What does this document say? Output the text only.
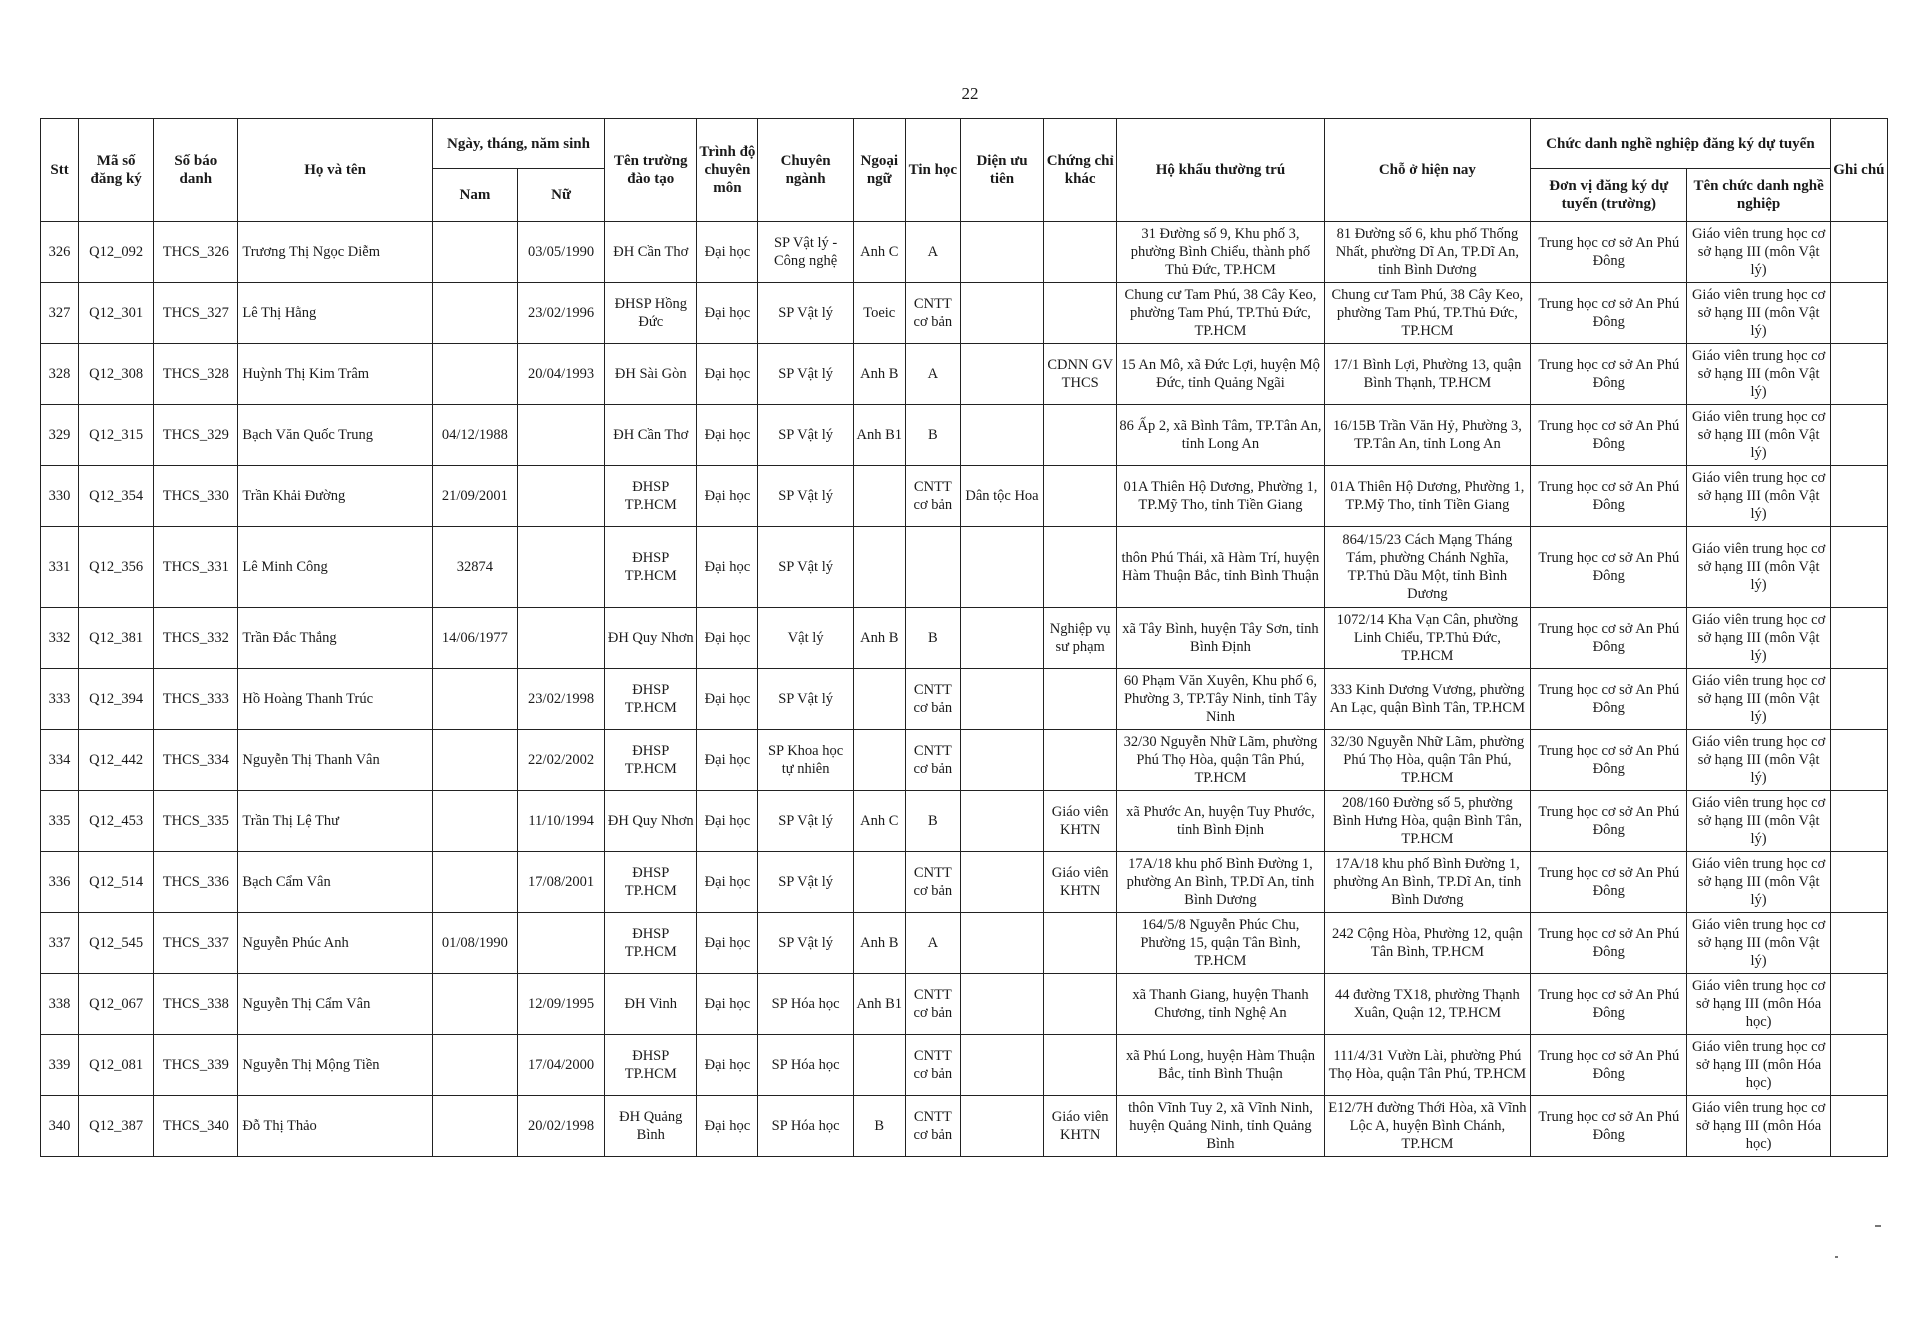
22
Stt	Mã số đăng ký	Số báo danh	Họ và tên	Ngày, tháng, năm sinh		Tên trường đào tạo	Trình độ chuyên môn	Chuyên ngành	Ngoại ngữ	Tin học	Diện ưu tiên	Chứng chỉ khác	Hộ khẩu thường trú	Chỗ ở hiện nay	Chức danh nghề nghiệp đăng ký dự tuyển		Ghi chú
				Nam	Nữ										Đơn vị đăng ký dự tuyển (trường)	Tên chức danh nghề nghiệp	
326	Q12_092	THCS_326	Trương Thị Ngọc Diễm		03/05/1990	ĐH Cần Thơ	Đại học	SP Vật lý - Công nghệ	Anh C	A			31 Đường số 9, Khu phố 3, phường Bình Chiểu, thành phố Thủ Đức, TP.HCM	81 Đường số 6, khu phố Thống Nhất, phường Dĩ An, TP.Dĩ An, tỉnh Bình Dương	Trung học cơ sở An Phú Đông	Giáo viên trung học cơ sở hạng III (môn Vật lý)	
327	Q12_301	THCS_327	Lê Thị Hằng		23/02/1996	ĐHSP Hồng Đức	Đại học	SP Vật lý	Toeic	CNTT cơ bản			Chung cư Tam Phú, 38 Cây Keo, phường Tam Phú, TP.Thủ Đức, TP.HCM	Chung cư Tam Phú, 38 Cây Keo, phường Tam Phú, TP.Thủ Đức, TP.HCM	Trung học cơ sở An Phú Đông	Giáo viên trung học cơ sở hạng III (môn Vật lý)	
328	Q12_308	THCS_328	Huỳnh Thị Kim Trâm		20/04/1993	ĐH Sài Gòn	Đại học	SP Vật lý	Anh B	A		CDNN GV THCS	15 An Mô, xã Đức Lợi, huyện Mộ Đức, tỉnh Quảng Ngãi	17/1 Bình Lợi, Phường 13, quận Bình Thạnh, TP.HCM	Trung học cơ sở An Phú Đông	Giáo viên trung học cơ sở hạng III (môn Vật lý)	
329	Q12_315	THCS_329	Bạch Văn Quốc Trung	04/12/1988		ĐH Cần Thơ	Đại học	SP Vật lý	Anh B1	B			86 Ấp 2, xã Bình Tâm, TP.Tân An, tỉnh Long An	16/15B Trần Văn Hỷ, Phường 3, TP.Tân An, tỉnh Long An	Trung học cơ sở An Phú Đông	Giáo viên trung học cơ sở hạng III (môn Vật lý)	
330	Q12_354	THCS_330	Trần Khải Đường	21/09/2001		ĐHSP TP.HCM	Đại học	SP Vật lý		CNTT cơ bản	Dân tộc Hoa		01A Thiên Hộ Dương, Phường 1, TP.Mỹ Tho, tỉnh Tiền Giang	01A Thiên Hộ Dương, Phường 1, TP.Mỹ Tho, tỉnh Tiền Giang	Trung học cơ sở An Phú Đông	Giáo viên trung học cơ sở hạng III (môn Vật lý)	
331	Q12_356	THCS_331	Lê Minh Công	32874		ĐHSP TP.HCM	Đại học	SP Vật lý					thôn Phú Thái, xã Hàm Trí, huyện Hàm Thuận Bắc, tỉnh Bình Thuận	864/15/23 Cách Mạng Tháng Tám, phường Chánh Nghĩa, TP.Thủ Dầu Một, tỉnh Bình Dương	Trung học cơ sở An Phú Đông	Giáo viên trung học cơ sở hạng III (môn Vật lý)	
332	Q12_381	THCS_332	Trần Đắc Thắng	14/06/1977		ĐH Quy Nhơn	Đại học	Vật lý	Anh B	B		Nghiệp vụ sư phạm	xã Tây Bình, huyện Tây Sơn, tỉnh Bình Định	1072/14 Kha Vạn Cân, phường Linh Chiểu, TP.Thủ Đức, TP.HCM	Trung học cơ sở An Phú Đông	Giáo viên trung học cơ sở hạng III (môn Vật lý)	
333	Q12_394	THCS_333	Hồ Hoàng Thanh Trúc		23/02/1998	ĐHSP TP.HCM	Đại học	SP Vật lý		CNTT cơ bản			60 Phạm Văn Xuyên, Khu phố 6, Phường 3, TP.Tây Ninh, tỉnh Tây Ninh	333 Kinh Dương Vương, phường An Lạc, quận Bình Tân, TP.HCM	Trung học cơ sở An Phú Đông	Giáo viên trung học cơ sở hạng III (môn Vật lý)	
334	Q12_442	THCS_334	Nguyễn Thị Thanh Vân		22/02/2002	ĐHSP TP.HCM	Đại học	SP Khoa học tự nhiên		CNTT cơ bản			32/30 Nguyễn Nhữ Lãm, phường Phú Thọ Hòa, quận Tân Phú, TP.HCM	32/30 Nguyễn Nhữ Lãm, phường Phú Thọ Hòa, quận Tân Phú, TP.HCM	Trung học cơ sở An Phú Đông	Giáo viên trung học cơ sở hạng III (môn Vật lý)	
335	Q12_453	THCS_335	Trần Thị Lệ Thư		11/10/1994	ĐH Quy Nhơn	Đại học	SP Vật lý	Anh C	B		Giáo viên KHTN	xã Phước An, huyện Tuy Phước, tỉnh Bình Định	208/160 Đường số 5, phường Bình Hưng Hòa, quận Bình Tân, TP.HCM	Trung học cơ sở An Phú Đông	Giáo viên trung học cơ sở hạng III (môn Vật lý)	
336	Q12_514	THCS_336	Bạch Cẩm Vân		17/08/2001	ĐHSP TP.HCM	Đại học	SP Vật lý		CNTT cơ bản		Giáo viên KHTN	17A/18 khu phố Bình Đường 1, phường An Bình, TP.Dĩ An, tỉnh Bình Dương	17A/18 khu phố Bình Đường 1, phường An Bình, TP.Dĩ An, tỉnh Bình Dương	Trung học cơ sở An Phú Đông	Giáo viên trung học cơ sở hạng III (môn Vật lý)	
337	Q12_545	THCS_337	Nguyễn Phúc Anh	01/08/1990		ĐHSP TP.HCM	Đại học	SP Vật lý	Anh B	A			164/5/8 Nguyễn Phúc Chu, Phường 15, quận Tân Bình, TP.HCM	242 Cộng Hòa, Phường 12, quận Tân Bình, TP.HCM	Trung học cơ sở An Phú Đông	Giáo viên trung học cơ sở hạng III (môn Vật lý)	
338	Q12_067	THCS_338	Nguyễn Thị Cẩm Vân		12/09/1995	ĐH Vinh	Đại học	SP Hóa học	Anh B1	CNTT cơ bản			xã Thanh Giang, huyện Thanh Chương, tỉnh Nghệ An	44 đường TX18, phường Thạnh Xuân, Quận 12, TP.HCM	Trung học cơ sở An Phú Đông	Giáo viên trung học cơ sở hạng III (môn Hóa học)	
339	Q12_081	THCS_339	Nguyễn Thị Mộng Tiền		17/04/2000	ĐHSP TP.HCM	Đại học	SP Hóa học		CNTT cơ bản			xã Phú Long, huyện Hàm Thuận Bắc, tỉnh Bình Thuận	111/4/31 Vườn Lài, phường Phú Thọ Hòa, quận Tân Phú, TP.HCM	Trung học cơ sở An Phú Đông	Giáo viên trung học cơ sở hạng III (môn Hóa học)	
340	Q12_387	THCS_340	Đỗ Thị Thảo		20/02/1998	ĐH Quảng Bình	Đại học	SP Hóa học	B	CNTT cơ bản		Giáo viên KHTN	thôn Vĩnh Tuy 2, xã Vĩnh Ninh, huyện Quảng Ninh, tỉnh Quảng Bình	E12/7H đường Thới Hòa, xã Vĩnh Lộc A, huyện Bình Chánh, TP.HCM	Trung học cơ sở An Phú Đông	Giáo viên trung học cơ sở hạng III (môn Hóa học)	
